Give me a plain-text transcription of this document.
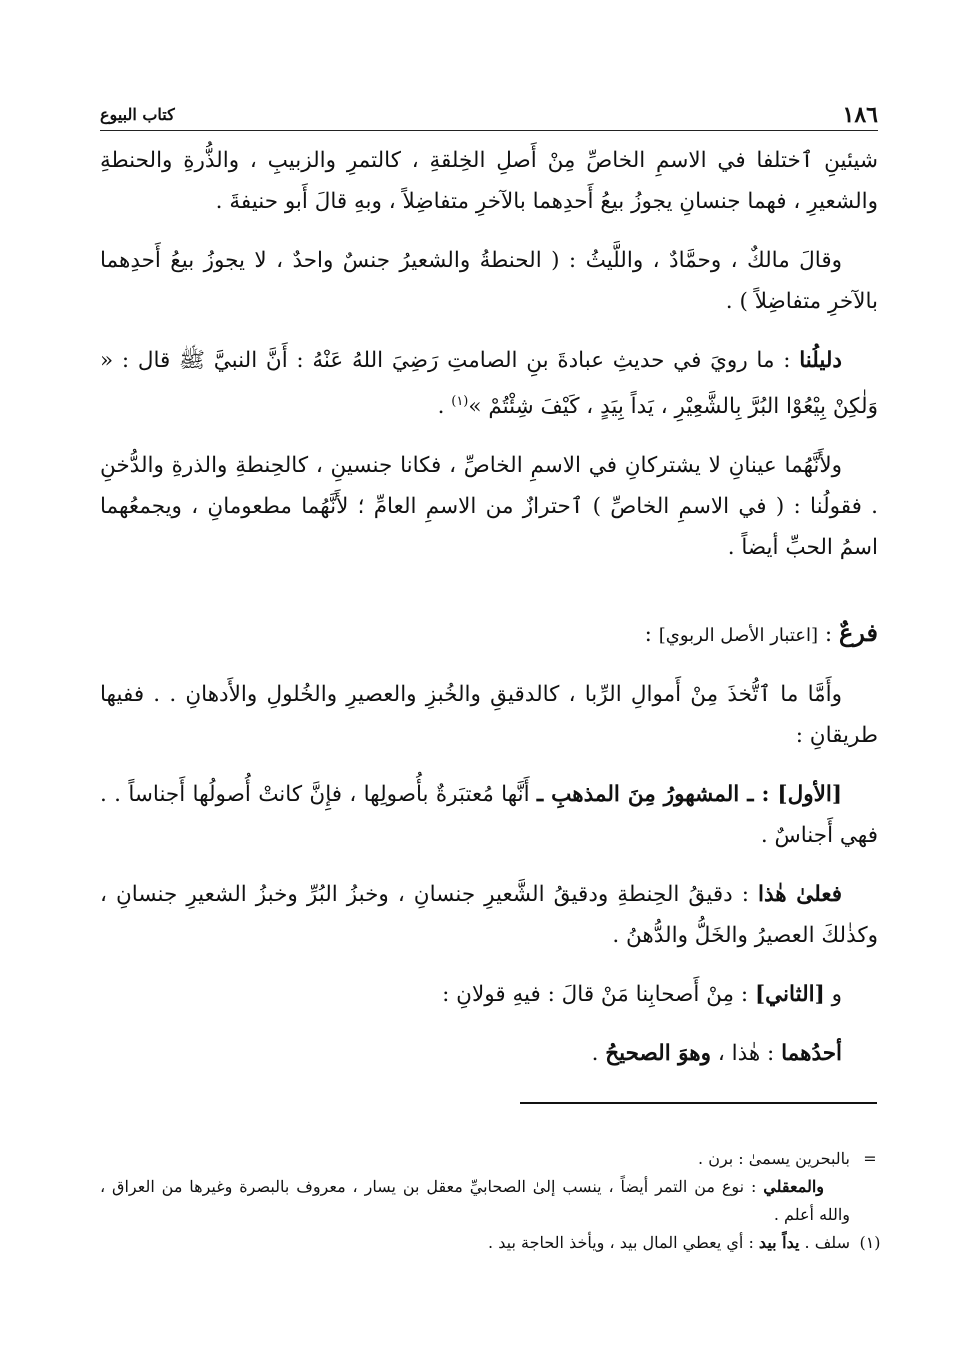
كتاب البيوع	١٨٦

شيئينِ ٱختلفا في الاسمِ الخاصِّ مِنْ أَصلِ الخِلقةِ ، كالتمرِ والزبيبِ ، والذُّرةِ والحنطةِ والشعيرِ ، فهما جنسانِ يجوزُ بيعُ أَحدِهما بالآخرِ متفاضِلاً ، وبهِ قالَ أَبو حنيفةَ .

وقالَ مالكٌ ، وحمَّادٌ ، واللَّيثُ : ( الحنطةُ والشعيرُ جنسٌ واحدٌ ، لا يجوزُ بيعُ أَحدِهما بالآخرِ متفاضِلاً ) .

دليلُنا : ما رويَ في حديثِ عبادةَ بنِ الصامتِ رَضِيَ اللهُ عَنْهُ : أَنَّ النبيَّ ﷺ قال : « وَلٰكِنْ بِيْعُوْا البُرَّ بِالشَّعِيْرِ ، يَداً بِيَدٍ ، كَيْفَ شِئْتُمْ »$^{(١)}$ .

ولأَنَّهُما عينانِ لا يشتركانِ في الاسمِ الخاصِّ ، فكانا جنسينِ ، كالحِنطةِ والذرةِ والدُّخنِ . فقولُنا : ( في الاسمِ الخاصِّ ) ٱحترازٌ من الاسمِ العامِّ ؛ لأَنَّهُما مطعومانِ ، ويجمعُهما اسمُ الحبِّ أيضاً .

فرعٌ : [اعتبار الأصل الربوي] :

وأَمَّا ما ٱتُّخذَ مِنْ أَموالِ الرِّبا ، كالدقيقِ والخُبزِ والعصيرِ والخُلولِ والأَدهانِ . . ففيها طريقانِ :

[الأول] : ـ المشهورُ مِنَ المذهبِ ـ أَنَّها مُعتبَرةٌ بأُصولِها ، فإِنَّ كانتْ أُصولُها أَجناساً . . فهي أَجناسٌ .

فعلىٰ هٰذا : دقيقُ الحِنطةِ ودقيقُ الشَّعيرِ جنسانِ ، وخبزُ البُرِّ وخبزُ الشعيرِ جنسانِ ، وكذٰلكَ العصيرُ والخَلُّ والدُّهنُ .

و [الثاني] : مِنْ أَصحابِنا مَنْ قالَ : فيهِ قولانِ :

أحدُهما : هٰذا ، وهوَ الصحيحُ .

=
بالبحرين يسمىٰ : برن .
والمعقلي : نوع من التمر أيضاً ، ينسب إلىٰ الصحابيِّ معقل بن يسار ، معروف بالبصرة وغيرها من العراق ، والله أعلم .
(١)
سلف . يداً بيد : أي يعطي المال بيد ، ويأخذ الحاجة بيد .
